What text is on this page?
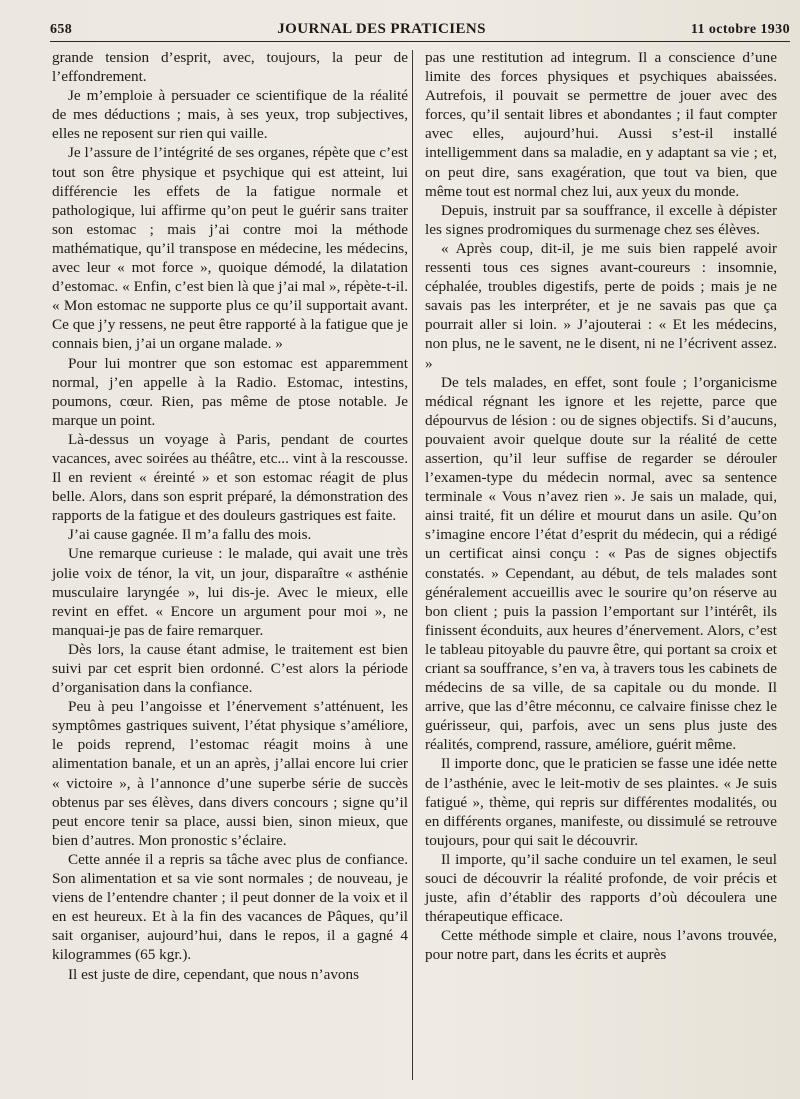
658	JOURNAL DES PRATICIENS	11 octobre 1930

grande tension d’esprit, avec, toujours, la peur de l’effondrement.

Je m’emploie à persuader ce scientifique de la réalité de mes déductions ; mais, à ses yeux, trop subjectives, elles ne reposent sur rien qui vaille.

Je l’assure de l’intégrité de ses organes, répète que c’est tout son être physique et psychique qui est atteint, lui différencie les effets de la fatigue normale et pathologique, lui affirme qu’on peut le guérir sans traiter son estomac ; mais j’ai contre moi la méthode mathématique, qu’il transpose en médecine, les médecins, avec leur « mot force », quoique démodé, la dilatation d’estomac. « Enfin, c’est bien là que j’ai mal », répète-t-il. « Mon estomac ne supporte plus ce qu’il supportait avant. Ce que j’y ressens, ne peut être rapporté à la fatigue que je connais bien, j’ai un organe malade. »

Pour lui montrer que son estomac est apparemment normal, j’en appelle à la Radio. Estomac, intestins, poumons, cœur. Rien, pas même de ptose notable. Je marque un point.

Là-dessus un voyage à Paris, pendant de courtes vacances, avec soirées au théâtre, etc... vint à la rescousse. Il en revient « éreinté » et son estomac réagit de plus belle. Alors, dans son esprit préparé, la démonstration des rapports de la fatigue et des douleurs gastriques est faite.

J’ai cause gagnée. Il m’a fallu des mois.

Une remarque curieuse : le malade, qui avait une très jolie voix de ténor, la vit, un jour, disparaître « asthénie musculaire laryngée », lui dis-je. Avec le mieux, elle revint en effet. « Encore un argument pour moi », ne manquai-je pas de faire remarquer.

Dès lors, la cause étant admise, le traitement est bien suivi par cet esprit bien ordonné. C’est alors la période d’organisation dans la confiance.

Peu à peu l’angoisse et l’énervement s’atténuent, les symptômes gastriques suivent, l’état physique s’améliore, le poids reprend, l’estomac réagit moins à une alimentation banale, et un an après, j’allai encore lui crier « victoire », à l’annonce d’une superbe série de succès obtenus par ses élèves, dans divers concours ; signe qu’il peut encore tenir sa place, aussi bien, sinon mieux, que bien d’autres. Mon pronostic s’éclaire.

Cette année il a repris sa tâche avec plus de confiance. Son alimentation et sa vie sont normales ; de nouveau, je viens de l’entendre chanter ; il peut donner de la voix et il en est heureux. Et à la fin des vacances de Pâques, qu’il sait organiser, aujourd’hui, dans le repos, il a gagné 4 kilogrammes (65 kgr.).

Il est juste de dire, cependant, que nous n’avons

pas une restitution ad integrum. Il a conscience d’une limite des forces physiques et psychiques abaissées. Autrefois, il pouvait se permettre de jouer avec des forces, qu’il sentait libres et abondantes ; il faut compter avec elles, aujourd’hui. Aussi s’est-il installé intelligemment dans sa maladie, en y adaptant sa vie ; et, on peut dire, sans exagération, que tout va bien, que même tout est normal chez lui, aux yeux du monde.

Depuis, instruit par sa souffrance, il excelle à dépister les signes prodromiques du surmenage chez ses élèves.

« Après coup, dit-il, je me suis bien rappelé avoir ressenti tous ces signes avant-coureurs : insomnie, céphalée, troubles digestifs, perte de poids ; mais je ne savais pas les interpréter, et je ne savais pas que ça pourrait aller si loin. » J’ajouterai : « Et les médecins, non plus, ne le savent, ne le disent, ni ne l’écrivent assez. »

De tels malades, en effet, sont foule ; l’organicisme médical régnant les ignore et les rejette, parce que dépourvus de lésion : ou de signes objectifs. Si d’aucuns, pouvaient avoir quelque doute sur la réalité de cette assertion, qu’il leur suffise de regarder se dérouler l’examen-type du médecin normal, avec sa sentence terminale « Vous n’avez rien ». Je sais un malade, qui, ainsi traité, fit un délire et mourut dans un asile. Qu’on s’imagine encore l’état d’esprit du médecin, qui a rédigé un certificat ainsi conçu : « Pas de signes objectifs constatés. » Cependant, au début, de tels malades sont généralement accueillis avec le sourire qu’on réserve au bon client ; puis la passion l’emportant sur l’intérêt, ils finissent éconduits, aux heures d’énervement. Alors, c’est le tableau pitoyable du pauvre être, qui portant sa croix et criant sa souffrance, s’en va, à travers tous les cabinets de médecins de sa ville, de sa capitale ou du monde. Il arrive, que las d’être méconnu, ce calvaire finisse chez le guérisseur, qui, parfois, avec un sens plus juste des réalités, comprend, rassure, améliore, guérit même.

Il importe donc, que le praticien se fasse une idée nette de l’asthénie, avec le leit-motiv de ses plaintes. « Je suis fatigué », thème, qui repris sur différentes modalités, ou en différents organes, manifeste, ou dissimulé se retrouve toujours, pour qui sait le découvrir.

Il importe, qu’il sache conduire un tel examen, le seul souci de découvrir la réalité profonde, de voir précis et juste, afin d’établir des rapports d’où découlera une thérapeutique efficace.

Cette méthode simple et claire, nous l’avons trouvée, pour notre part, dans les écrits et auprès
